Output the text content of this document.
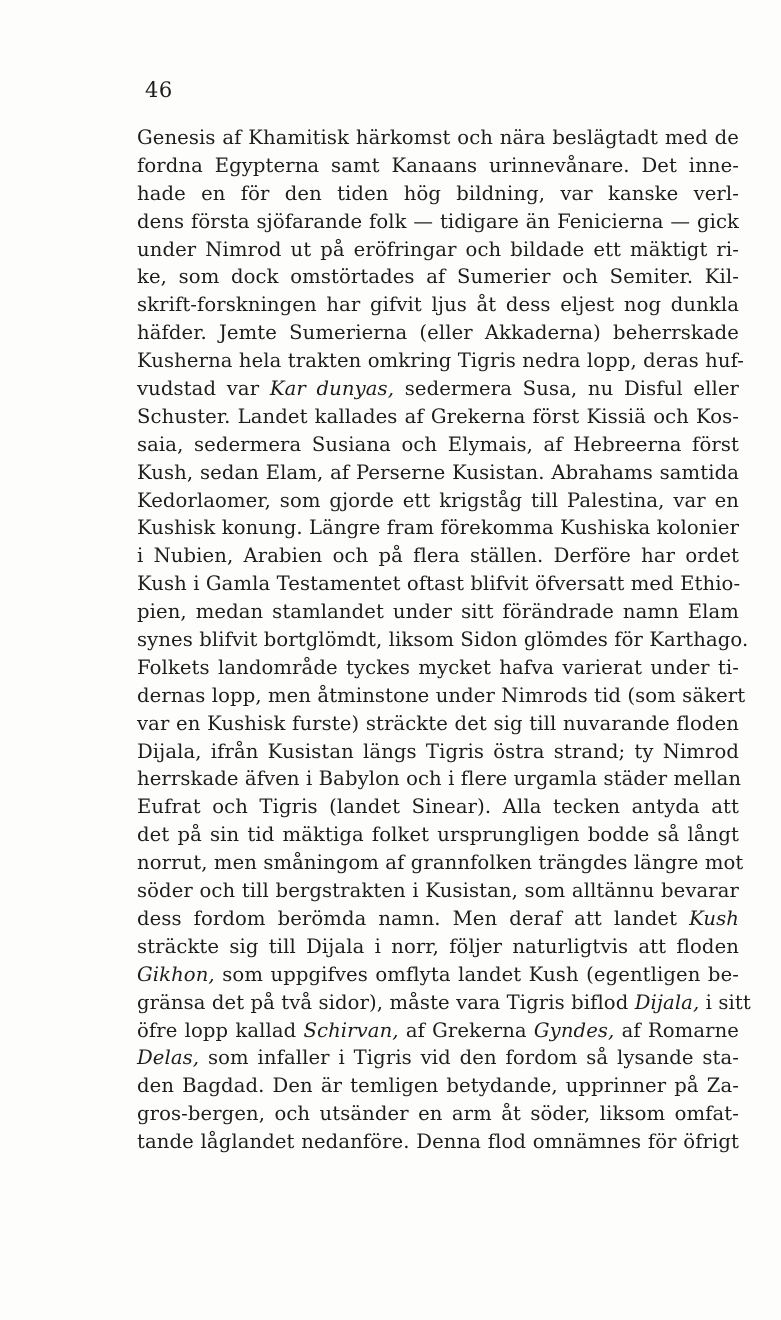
46
Genesis af Khamitisk härkomst och nära beslägtadt med de
fordna Egypterna samt Kanaans urinnevånare. Det inne-
hade en för den tiden hög bildning, var kanske verl-
dens första sjöfarande folk — tidigare än Fenicierna — gick
under Nimrod ut på eröfringar och bildade ett mäktigt ri-
ke, som dock omstörtades af Sumerier och Semiter. Kil-
skrift-forskningen har gifvit ljus åt dess eljest nog dunkla
häfder. Jemte Sumerierna (eller Akkaderna) beherrskade
Kusherna hela trakten omkring Tigris nedra lopp, deras huf-
vudstad var Kar dunyas, sedermera Susa, nu Disful eller
Schuster. Landet kallades af Grekerna först Kissiä och Kos-
saia, sedermera Susiana och Elymais, af Hebreerna först
Kush, sedan Elam, af Perserne Kusistan. Abrahams samtida
Kedorlaomer, som gjorde ett krigståg till Palestina, var en
Kushisk konung. Längre fram förekomma Kushiska kolonier
i Nubien, Arabien och på flera ställen. Derföre har ordet
Kush i Gamla Testamentet oftast blifvit öfversatt med Ethio-
pien, medan stamlandet under sitt förändrade namn Elam
synes blifvit bortglömdt, liksom Sidon glömdes för Karthago.
Folkets landområde tyckes mycket hafva varierat under ti-
dernas lopp, men åtminstone under Nimrods tid (som säkert
var en Kushisk furste) sträckte det sig till nuvarande floden
Dijala, ifrån Kusistan längs Tigris östra strand; ty Nimrod
herrskade äfven i Babylon och i flere urgamla städer mellan
Eufrat och Tigris (landet Sinear). Alla tecken antyda att
det på sin tid mäktiga folket ursprungligen bodde så långt
norrut, men småningom af grannfolken trängdes längre mot
söder och till bergstrakten i Kusistan, som alltännu bevarar
dess fordom berömda namn. Men deraf att landet Kush
sträckte sig till Dijala i norr, följer naturligtvis att floden
Gikhon, som uppgifves omflyta landet Kush (egentligen be-
gränsa det på två sidor), måste vara Tigris biflod Dijala, i sitt
öfre lopp kallad Schirvan, af Grekerna Gyndes, af Romarne
Delas, som infaller i Tigris vid den fordom så lysande sta-
den Bagdad. Den är temligen betydande, upprinner på Za-
gros-bergen, och utsänder en arm åt söder, liksom omfat-
tande låglandet nedanföre. Denna flod omnämnes för öfrigt
